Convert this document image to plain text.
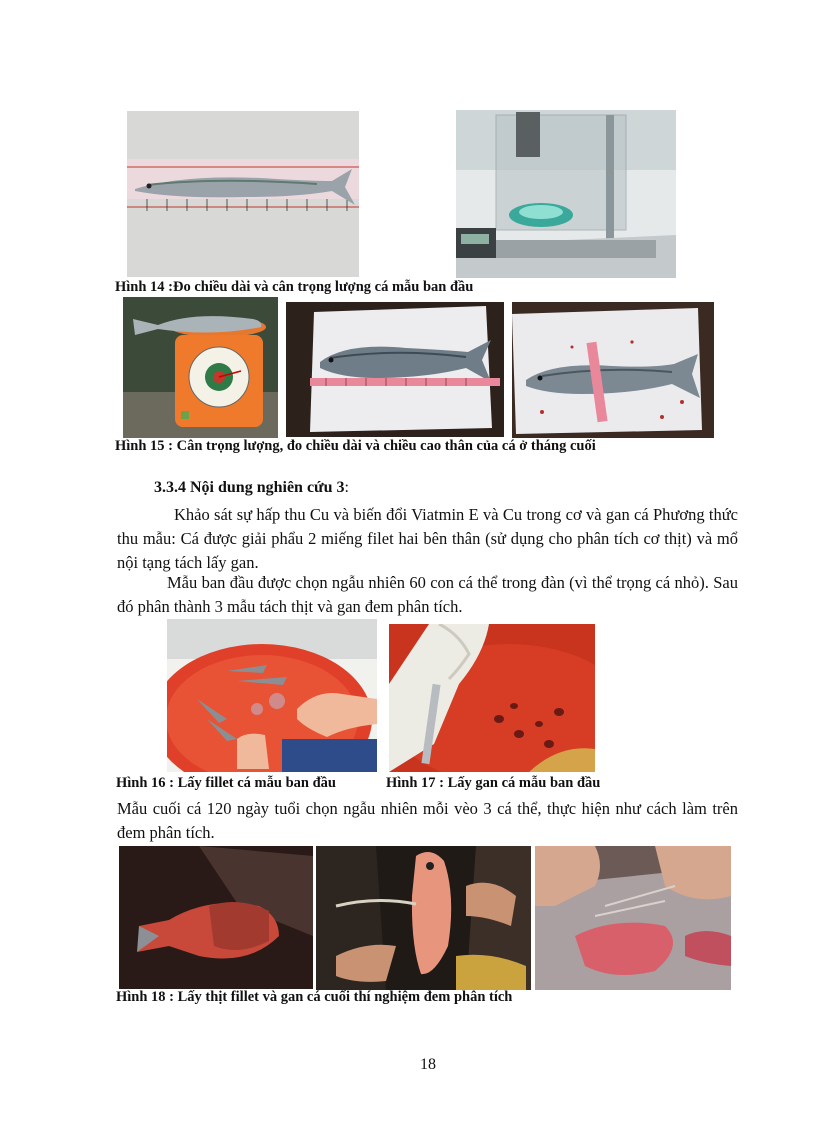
Hình 14 :Đo chiều dài và cân trọng lượng cá mẫu ban đầu
Hình 15 : Cân trọng lượng, đo chiều dài và chiều cao thân của cá ở tháng cuối
3.3.4 Nội dung nghiên cứu 3:
Khảo sát sự hấp thu Cu và biến đổi Viatmin E và Cu trong cơ và gan cá Phương thức thu mẫu: Cá được giải phẩu 2 miếng filet hai bên thân (sử dụng cho phân tích cơ thịt) và mổ nội tạng tách lấy gan.
Mẫu ban đầu được chọn ngẫu nhiên 60 con cá thể trong đàn (vì thể trọng cá nhỏ). Sau đó phân thành 3 mẫu tách thịt và gan đem phân tích.
Hình 16 : Lấy fillet cá mẫu ban đầu	Hình 17 : Lấy gan cá mẫu ban đầu
Mẫu cuối cá 120 ngày tuổi chọn ngẫu nhiên mỗi vèo 3 cá thể, thực hiện như cách làm trên đem phân tích.
Hình 18 : Lấy thịt fillet và gan cá cuối thí nghiệm đem phân tích
18
